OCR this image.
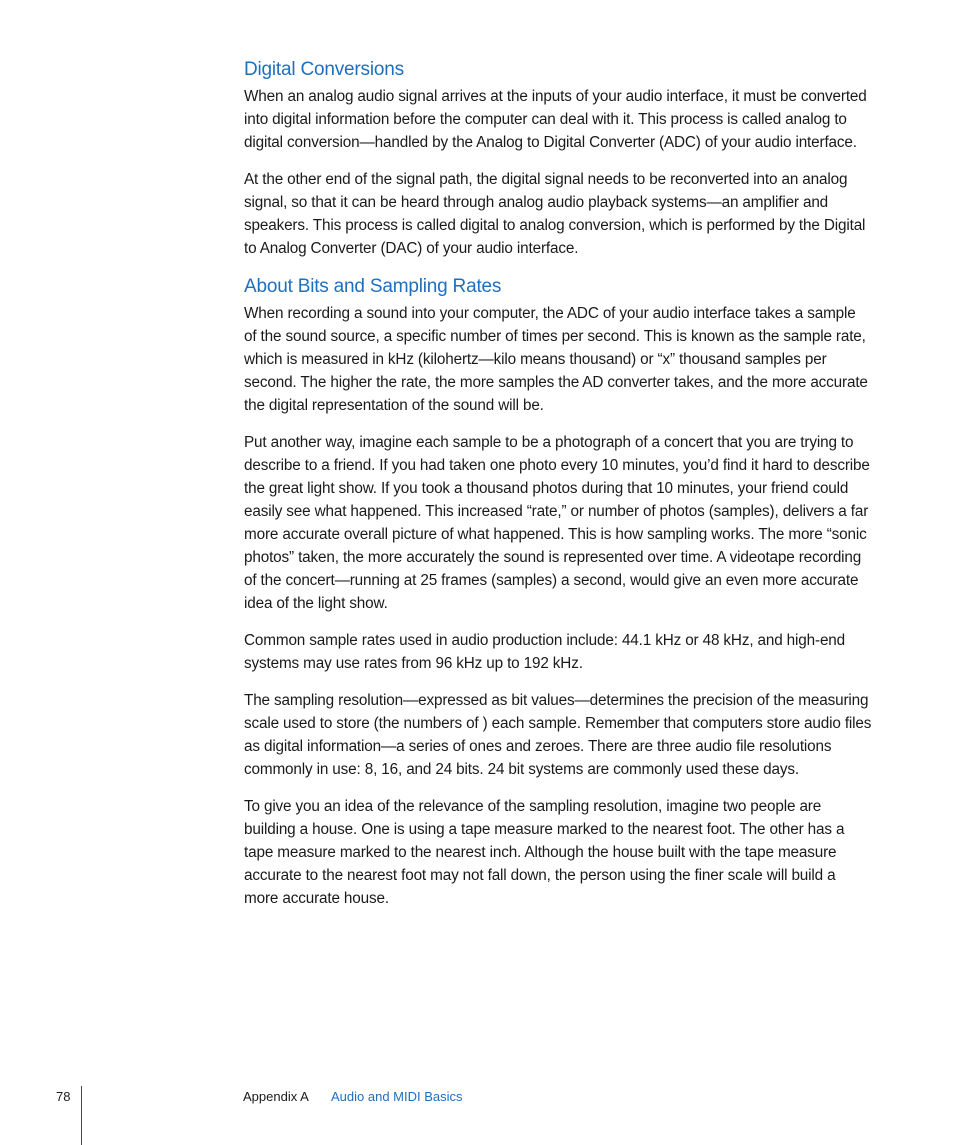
Digital Conversions

When an analog audio signal arrives at the inputs of your audio interface, it must be converted into digital information before the computer can deal with it. This process is called analog to digital conversion—handled by the Analog to Digital Converter (ADC) of your audio interface.

At the other end of the signal path, the digital signal needs to be reconverted into an analog signal, so that it can be heard through analog audio playback systems—an amplifier and speakers. This process is called digital to analog conversion, which is performed by the Digital to Analog Converter (DAC) of your audio interface.

About Bits and Sampling Rates

When recording a sound into your computer, the ADC of your audio interface takes a sample of the sound source, a specific number of times per second. This is known as the sample rate, which is measured in kHz (kilohertz—kilo means thousand) or “x” thousand samples per second. The higher the rate, the more samples the AD converter takes, and the more accurate the digital representation of the sound will be.

Put another way, imagine each sample to be a photograph of a concert that you are trying to describe to a friend. If you had taken one photo every 10 minutes, you’d find it hard to describe the great light show. If you took a thousand photos during that 10 minutes, your friend could easily see what happened. This increased “rate,” or number of photos (samples), delivers a far more accurate overall picture of what happened. This is how sampling works. The more “sonic photos” taken, the more accurately the sound is represented over time. A videotape recording of the concert—running at 25 frames (samples) a second, would give an even more accurate idea of the light show.

Common sample rates used in audio production include: 44.1 kHz or 48 kHz, and high-end systems may use rates from 96 kHz up to 192 kHz.

The sampling resolution—expressed as bit values—determines the precision of the measuring scale used to store (the numbers of ) each sample. Remember that computers store audio files as digital information—a series of ones and zeroes. There are three audio file resolutions commonly in use: 8, 16, and 24 bits. 24 bit systems are commonly used these days.

To give you an idea of the relevance of the sampling resolution, imagine two people are building a house. One is using a tape measure marked to the nearest foot. The other has a tape measure marked to the nearest inch. Although the house built with the tape measure accurate to the nearest foot may not fall down, the person using the finer scale will build a more accurate house.

78	Appendix A Audio and MIDI Basics
